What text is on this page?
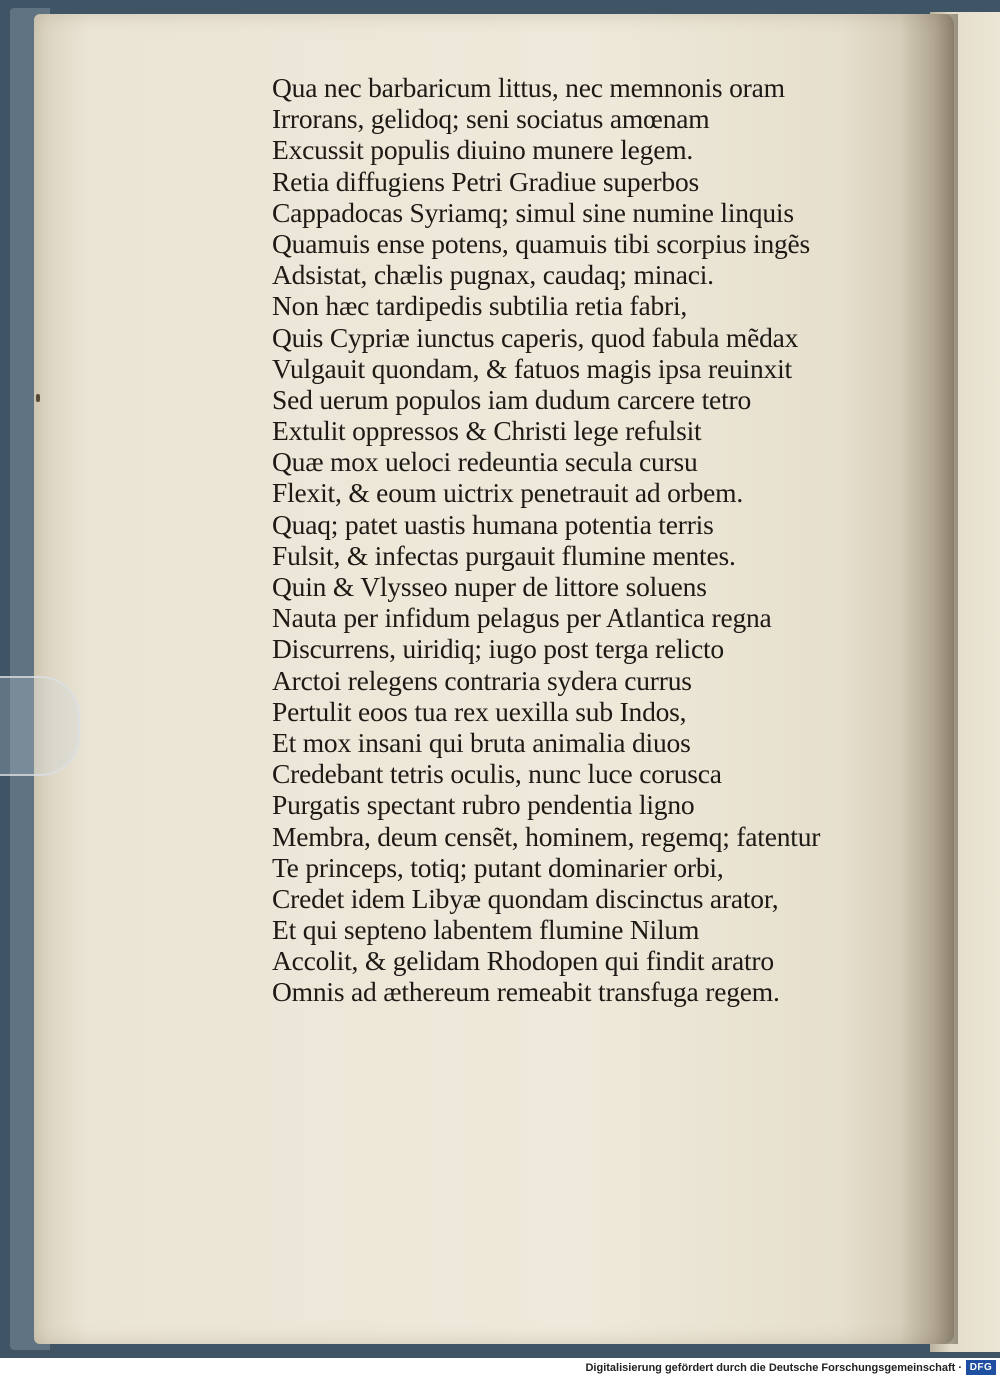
Qua nec barbaricum littus, nec memnonis oram
Irrorans, gelidoq; seni sociatus amœnam
Excussit populis diuino munere legem.
Retia diffugiens Petri Gradiue superbos
Cappadocas Syriamq; simul sine numine linquis
Quamuis ense potens, quamuis tibi scorpius ingẽs
Adsistat, chælis pugnax, caudaq; minaci.
Non hæc tardipedis subtilia retia fabri,
Quis Cypriæ iunctus caperis, quod fabula mẽdax
Vulgauit quondam, & fatuos magis ipsa reuinxit
Sed uerum populos iam dudum carcere tetro
Extulit oppressos & Christi lege refulsit
Quæ mox ueloci redeuntia secula cursu
Flexit, & eoum uictrix penetrauit ad orbem.
Quaq; patet uastis humana potentia terris
Fulsit, & infectas purgauit flumine mentes.
Quin & Vlysseo nuper de littore soluens
Nauta per infidum pelagus per Atlantica regna
Discurrens, uiridiq; iugo post terga relicto
Arctoi relegens contraria sydera currus
Pertulit eoos tua rex uexilla sub Indos,
Et mox insani qui bruta animalia diuos
Credebant tetris oculis, nunc luce corusca
Purgatis spectant rubro pendentia ligno
Membra, deum censẽt, hominem, regemq; fatentur
Te princeps, totiq; putant dominarier orbi,
Credet idem Libyæ quondam discinctus arator,
Et qui septeno labentem flumine Nilum
Accolit, & gelidam Rhodopen qui findit aratro
Omnis ad æthereum remeabit transfuga regem.
Digitalisierung gefördert durch die Deutsche Forschungsgemeinschaft · DFG
